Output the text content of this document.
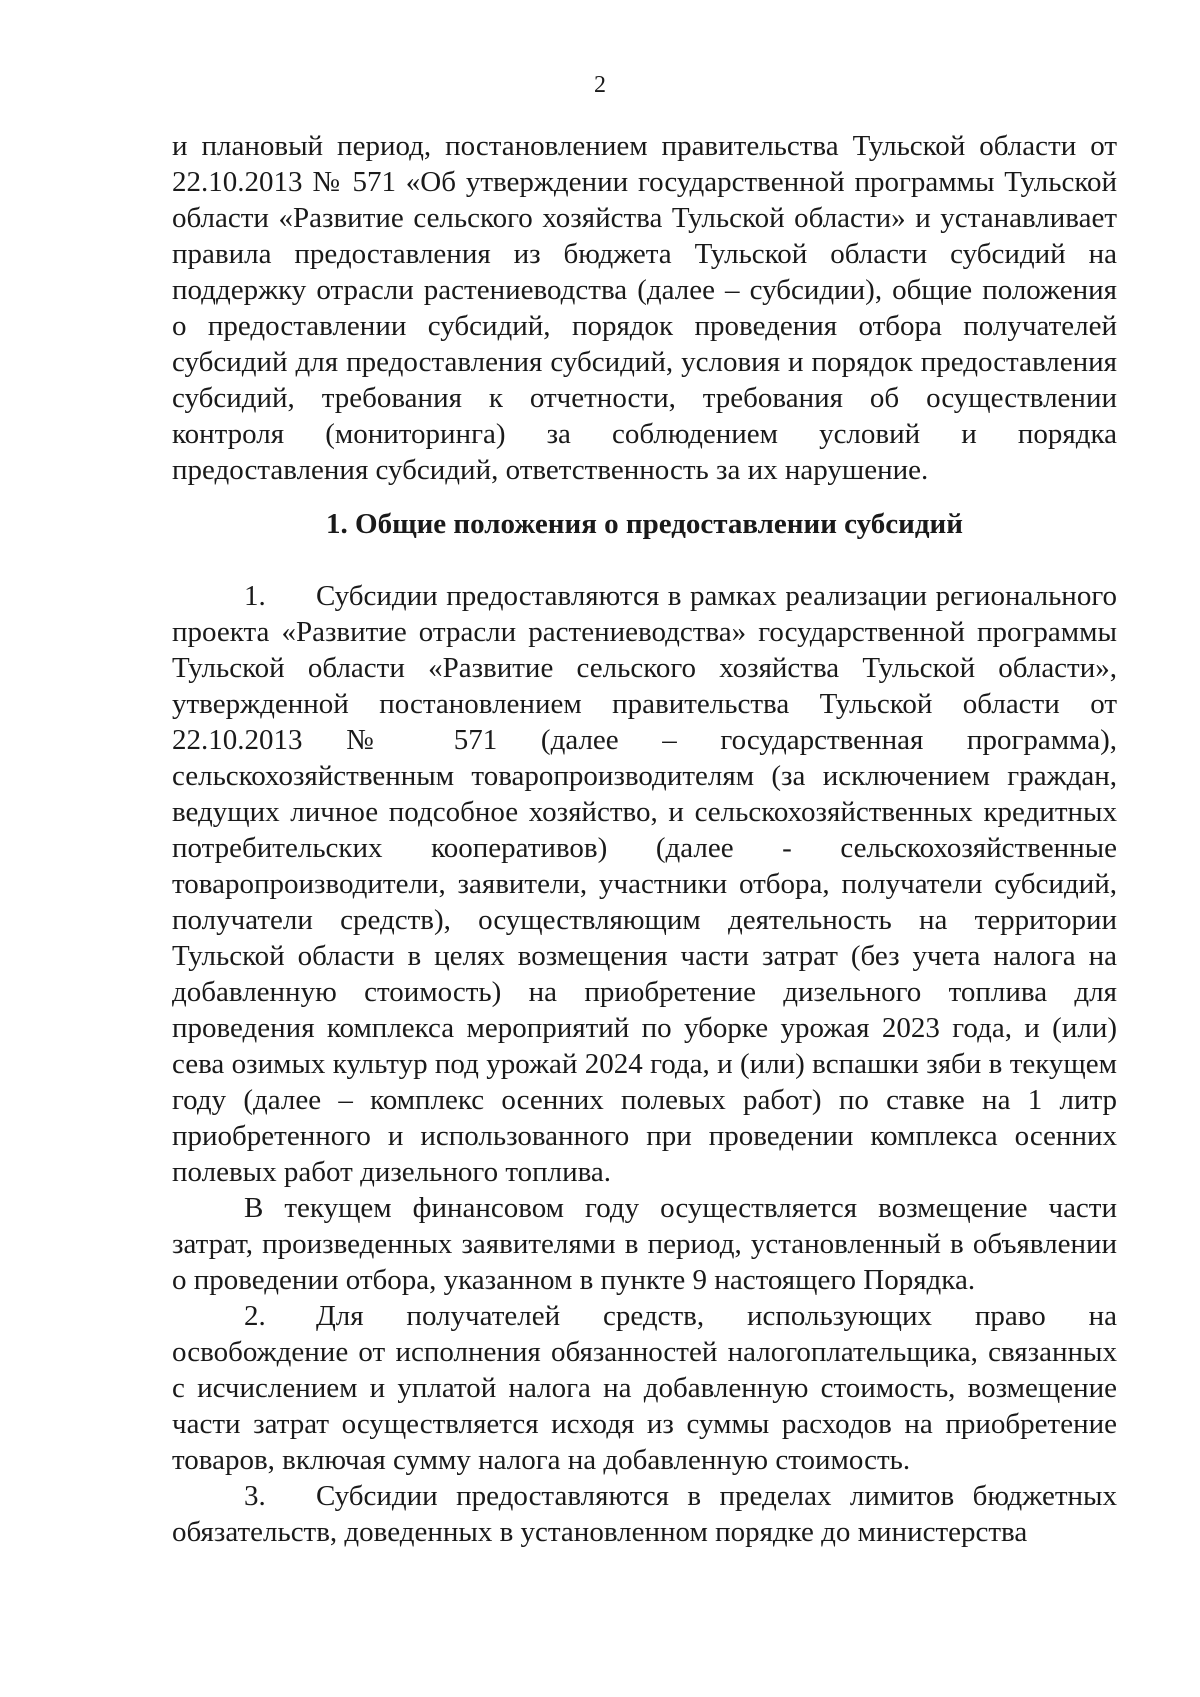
2

и плановый период, постановлением правительства Тульской области от 22.10.2013 № 571 «Об утверждении государственной программы Тульской области «Развитие сельского хозяйства Тульской области» и устанавливает правила предоставления из бюджета Тульской области субсидий на поддержку отрасли растениеводства (далее – субсидии), общие положения о предоставлении субсидий, порядок проведения отбора получателей субсидий для предоставления субсидий, условия и порядок предоставления субсидий, требования к отчетности, требования об осуществлении контроля (мониторинга) за соблюдением условий и порядка предоставления субсидий, ответственность за их нарушение.

1. Общие положения о предоставлении субсидий

1. Субсидии предоставляются в рамках реализации регионального проекта «Развитие отрасли растениеводства» государственной программы Тульской области «Развитие сельского хозяйства Тульской области», утвержденной постановлением правительства Тульской области от 22.10.2013 № 571 (далее – государственная программа), сельскохозяйственным товаропроизводителям (за исключением граждан, ведущих личное подсобное хозяйство, и сельскохозяйственных кредитных потребительских кооперативов) (далее - сельскохозяйственные товаропроизводители, заявители, участники отбора, получатели субсидий, получатели средств), осуществляющим деятельность на территории Тульской области в целях возмещения части затрат (без учета налога на добавленную стоимость) на приобретение дизельного топлива для проведения комплекса мероприятий по уборке урожая 2023 года, и (или) сева озимых культур под урожай 2024 года, и (или) вспашки зяби в текущем году (далее – комплекс осенних полевых работ) по ставке на 1 литр приобретенного и использованного при проведении комплекса осенних полевых работ дизельного топлива.

В текущем финансовом году осуществляется возмещение части затрат, произведенных заявителями в период, установленный в объявлении о проведении отбора, указанном в пункте 9 настоящего Порядка.

2. Для получателей средств, использующих право на освобождение от исполнения обязанностей налогоплательщика, связанных с исчислением и уплатой налога на добавленную стоимость, возмещение части затрат осуществляется исходя из суммы расходов на приобретение товаров, включая сумму налога на добавленную стоимость.

3. Субсидии предоставляются в пределах лимитов бюджетных обязательств, доведенных в установленном порядке до министерства
